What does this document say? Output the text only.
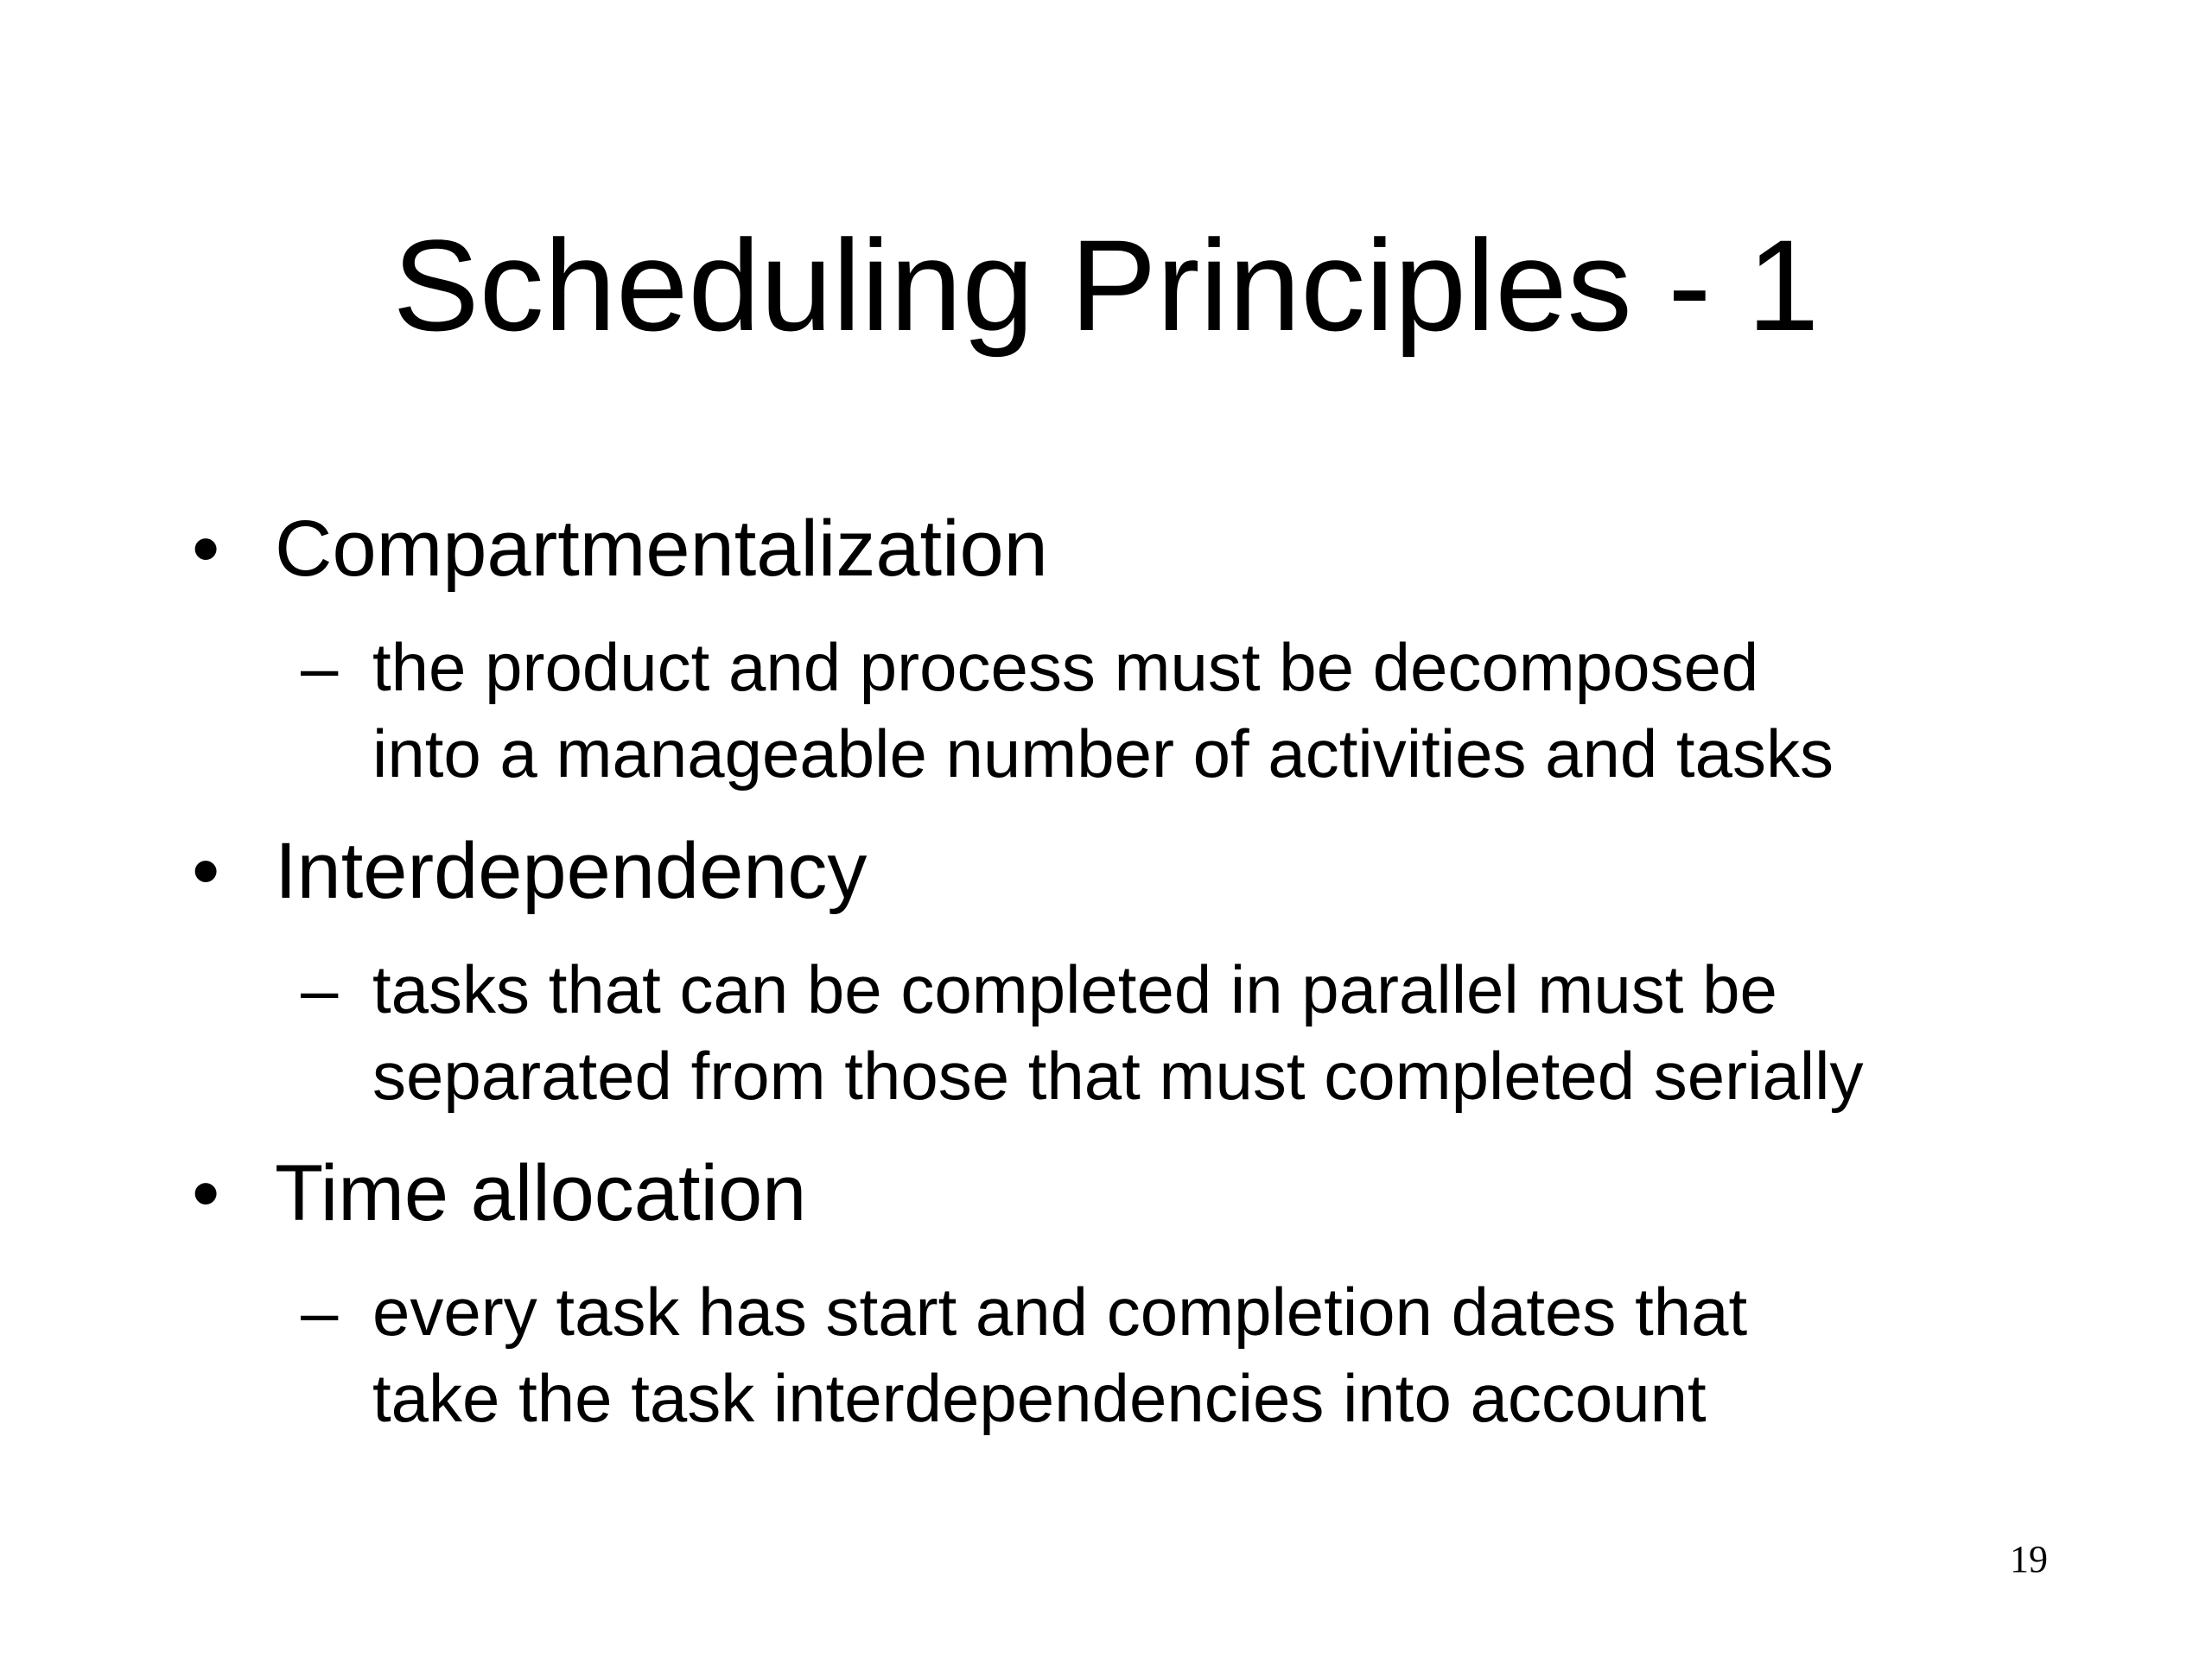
Scheduling Principles - 1
• Compartmentalization
– the product and process must be decomposed
into a manageable number of activities and tasks
• Interdependency
– tasks that can be completed in parallel must be
separated from those that must completed serially
• Time allocation
– every task has start and completion dates that
take the task interdependencies into account
19
